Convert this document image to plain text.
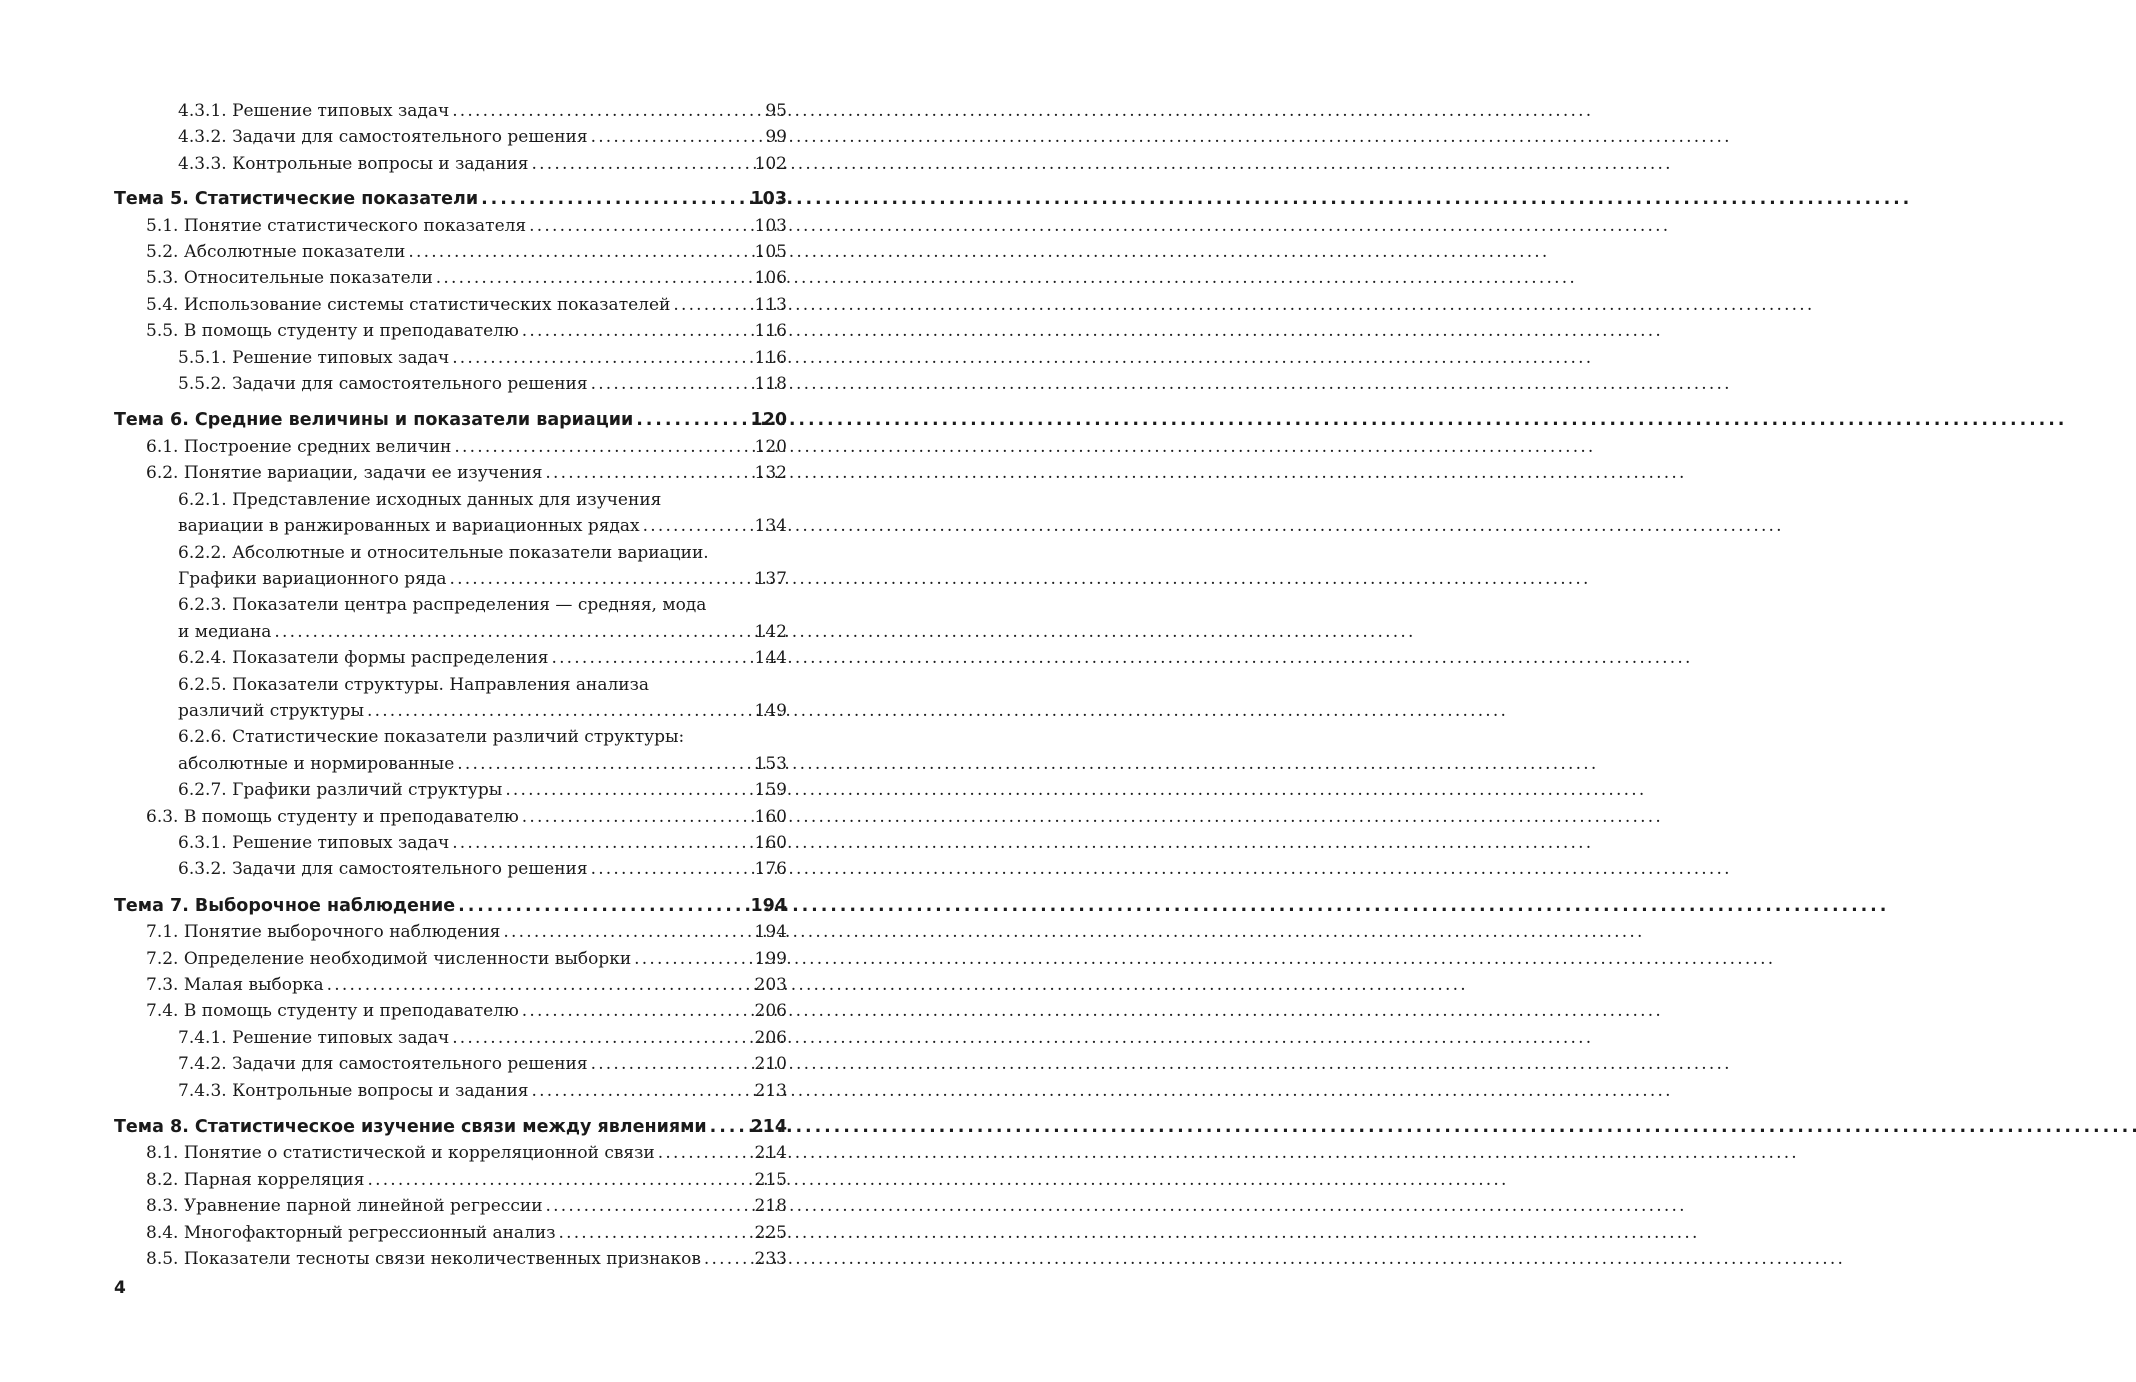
4.3.1. Решение типовых задач . . .	95
4.3.2. Задачи для самостоятельного решения . . .	99
4.3.3. Контрольные вопросы и задания . . .	102
Тема 5. Статистические показатели . . .	103
5.1. Понятие статистического показателя . . .	103
5.2. Абсолютные показатели . . .	105
5.3. Относительные показатели . . .	106
5.4. Использование системы статистических показателей . . .	113
5.5. В помощь студенту и преподавателю . . .	116
5.5.1. Решение типовых задач . . .	116
5.5.2. Задачи для самостоятельного решения . . .	118
Тема 6. Средние величины и показатели вариации . . .	120
6.1. Построение средних величин . . .	120
6.2. Понятие вариации, задачи ее изучения . . .	132
6.2.1. Представление исходных данных для изучения
вариации в ранжированных и вариационных рядах . . .	134
6.2.2. Абсолютные и относительные показатели вариации.
Графики вариационного ряда . . .	137
6.2.3. Показатели центра распределения — средняя, мода
и медиана . . .	142
6.2.4. Показатели формы распределения . . .	144
6.2.5. Показатели структуры. Направления анализа
различий структуры . . .	149
6.2.6. Статистические показатели различий структуры:
абсолютные и нормированные . . .	153
6.2.7. Графики различий структуры . . .	159
6.3. В помощь студенту и преподавателю . . .	160
6.3.1. Решение типовых задач . . .	160
6.3.2. Задачи для самостоятельного решения . . .	176
Тема 7. Выборочное наблюдение . . .	194
7.1. Понятие выборочного наблюдения . . .	194
7.2. Определение необходимой численности выборки . . .	199
7.3. Малая выборка . . .	203
7.4. В помощь студенту и преподавателю . . .	206
7.4.1. Решение типовых задач . . .	206
7.4.2. Задачи для самостоятельного решения . . .	210
7.4.3. Контрольные вопросы и задания . . .	213
Тема 8. Статистическое изучение связи между явлениями . . .	214
8.1. Понятие о статистической и корреляционной связи . . .	214
8.2. Парная корреляция . . .	215
8.3. Уравнение парной линейной регрессии . . .	218
8.4. Многофакторный регрессионный анализ . . .	225
8.5. Показатели тесноты связи неколичественных признаков . . .	233
4
